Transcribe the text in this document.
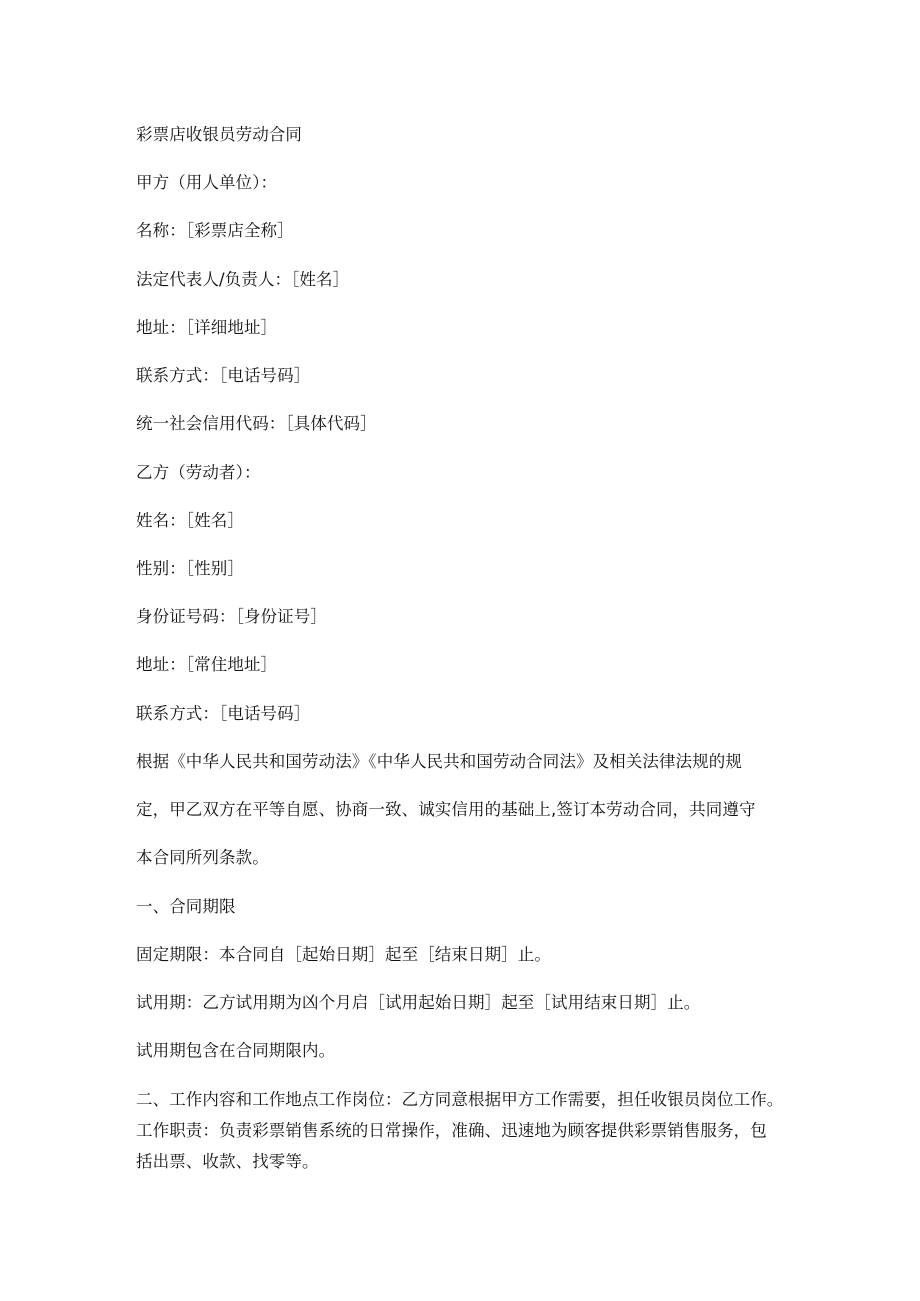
彩票店收银员劳动合同
甲方（用人单位）：
名称：［彩票店全称］
法定代表人/负责人：［姓名］
地址：［详细地址］
联系方式：［电话号码］
统一社会信用代码：［具体代码］
乙方（劳动者）：
姓名：［姓名］
性别：［性别］
身份证号码：［身份证号］
地址：［常住地址］
联系方式：［电话号码］
根据《中华人民共和国劳动法》《中华人民共和国劳动合同法》及相关法律法规的规
定，甲乙双方在平等自愿、协商一致、诚实信用的基础上,签订本劳动合同，共同遵守
本合同所列条款。
一、合同期限
固定期限：本合同自［起始日期］起至［结束日期］止。
试用期：乙方试用期为凶个月启［试用起始日期］起至［试用结束日期］止。
试用期包含在合同期限内。
二、工作内容和工作地点工作岗位：乙方同意根据甲方工作需要，担任收银员岗位工作。
工作职责：负责彩票销售系统的日常操作，准确、迅速地为顾客提供彩票销售服务，包
括出票、收款、找零等。
